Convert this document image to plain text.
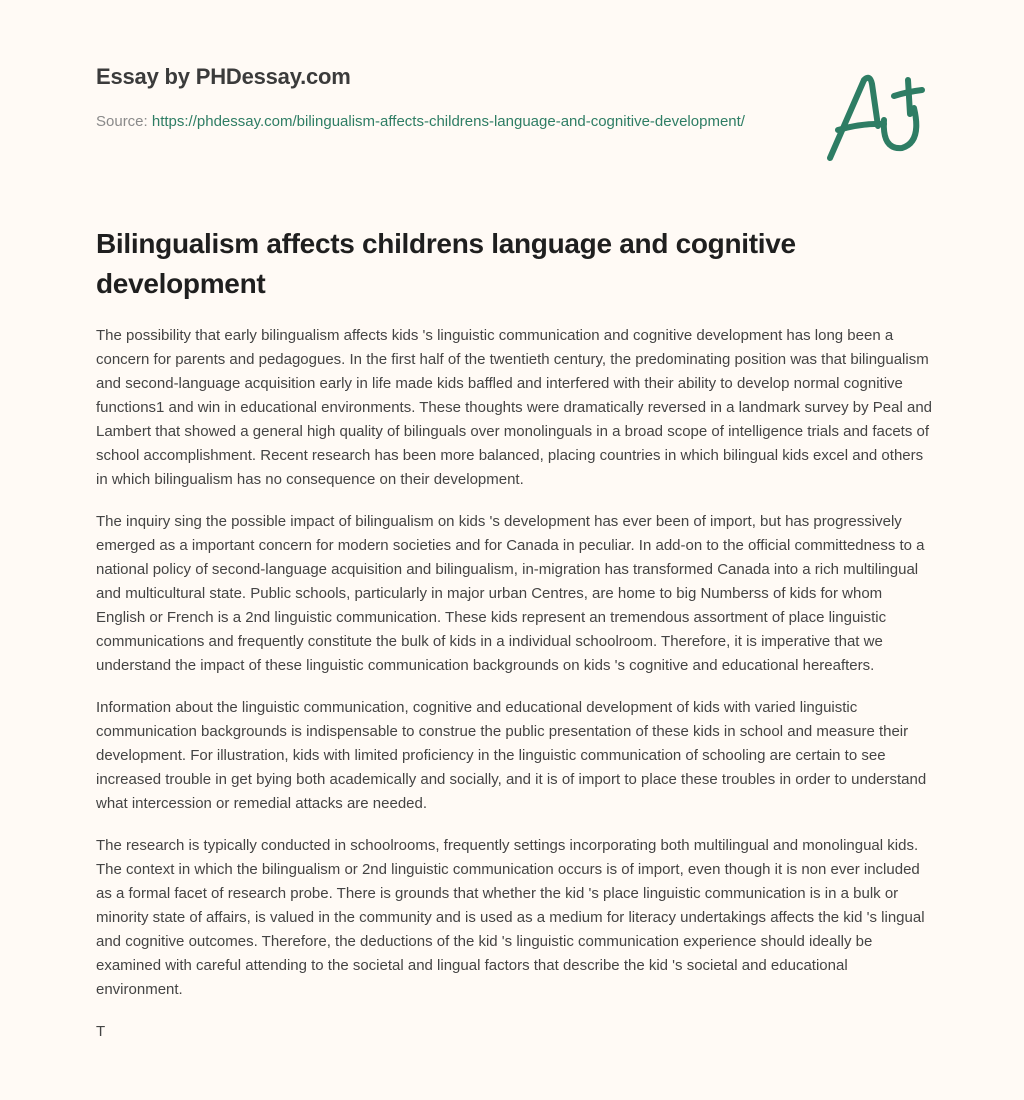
Essay by PHDessay.com
Source: https://phdessay.com/bilingualism-affects-childrens-language-and-cognitive-development/
Bilingualism affects childrens language and cognitive development

The possibility that early bilingualism affects kids 's linguistic communication and cognitive development has long been a concern for parents and pedagogues. In the first half of the twentieth century, the predominating position was that bilingualism and second-language acquisition early in life made kids baffled and interfered with their ability to develop normal cognitive functions1 and win in educational environments. These thoughts were dramatically reversed in a landmark survey by Peal and Lambert that showed a general high quality of bilinguals over monolinguals in a broad scope of intelligence trials and facets of school accomplishment. Recent research has been more balanced, placing countries in which bilingual kids excel and others in which bilingualism has no consequence on their development.

The inquiry sing the possible impact of bilingualism on kids 's development has ever been of import, but has progressively emerged as a important concern for modern societies and for Canada in peculiar. In add-on to the official committedness to a national policy of second-language acquisition and bilingualism, in-migration has transformed Canada into a rich multilingual and multicultural state. Public schools, particularly in major urban Centres, are home to big Numberss of kids for whom English or French is a 2nd linguistic communication. These kids represent an tremendous assortment of place linguistic communications and frequently constitute the bulk of kids in a individual schoolroom. Therefore, it is imperative that we understand the impact of these linguistic communication backgrounds on kids 's cognitive and educational hereafters.

Information about the linguistic communication, cognitive and educational development of kids with varied linguistic communication backgrounds is indispensable to construe the public presentation of these kids in school and measure their development. For illustration, kids with limited proficiency in the linguistic communication of schooling are certain to see increased trouble in get bying both academically and socially, and it is of import to place these troubles in order to understand what intercession or remedial attacks are needed.

The research is typically conducted in schoolrooms, frequently settings incorporating both multilingual and monolingual kids. The context in which the bilingualism or 2nd linguistic communication occurs is of import, even though it is non ever included as a formal facet of research probe. There is grounds that whether the kid 's place linguistic communication is in a bulk or minority state of affairs, is valued in the community and is used as a medium for literacy undertakings affects the kid 's lingual and cognitive outcomes. Therefore, the deductions of the kid 's linguistic communication experience should ideally be examined with careful attending to the societal and lingual factors that describe the kid 's societal and educational environment.

T
